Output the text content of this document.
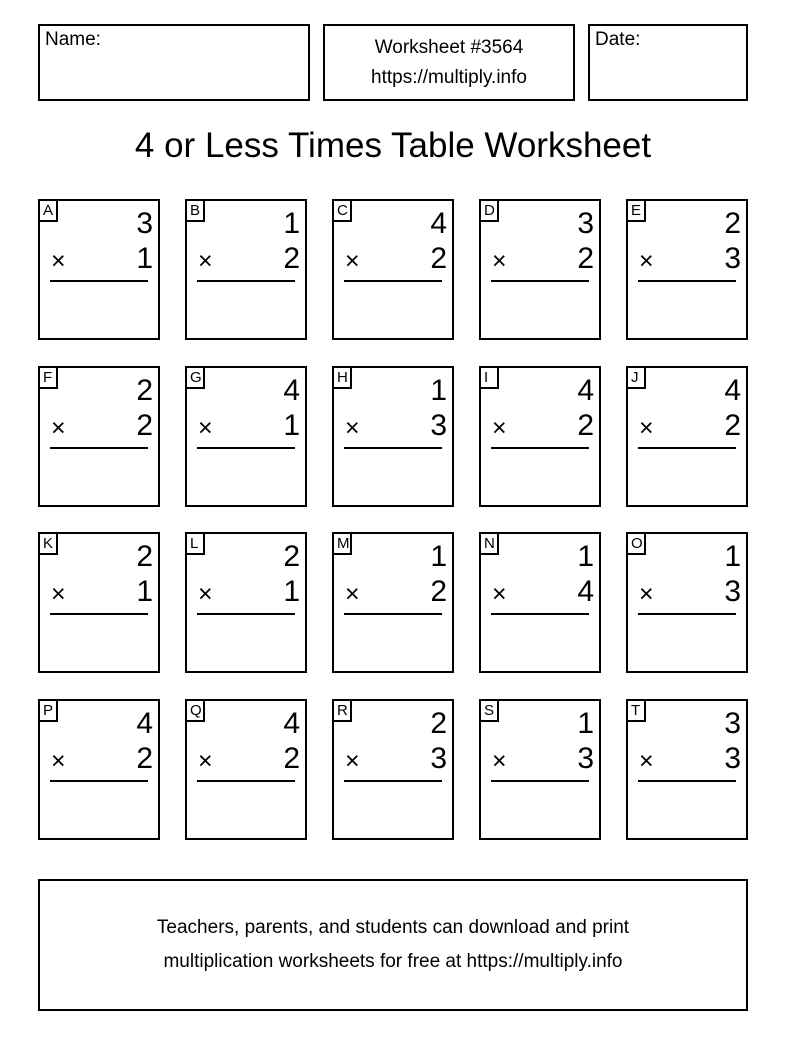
Name:	Worksheet #3564
https://multiply.info
Date:
4 or Less Times Table Worksheet
A	3
× 1
B	1
× 2
C	4
× 2
D	3
× 2
E	2
× 3
F	2
× 2
G	4
× 1
H	1
× 3
I	4
× 2
J	4
× 2
K	2
× 1
L	2
× 1
M	1
× 2
N	1
× 4
O	1
× 3
P	4
× 2
Q	4
× 2
R	2
× 3
S	1
× 3
T	3
× 3
Teachers, parents, and students can download and print
multiplication worksheets for free at https://multiply.info
